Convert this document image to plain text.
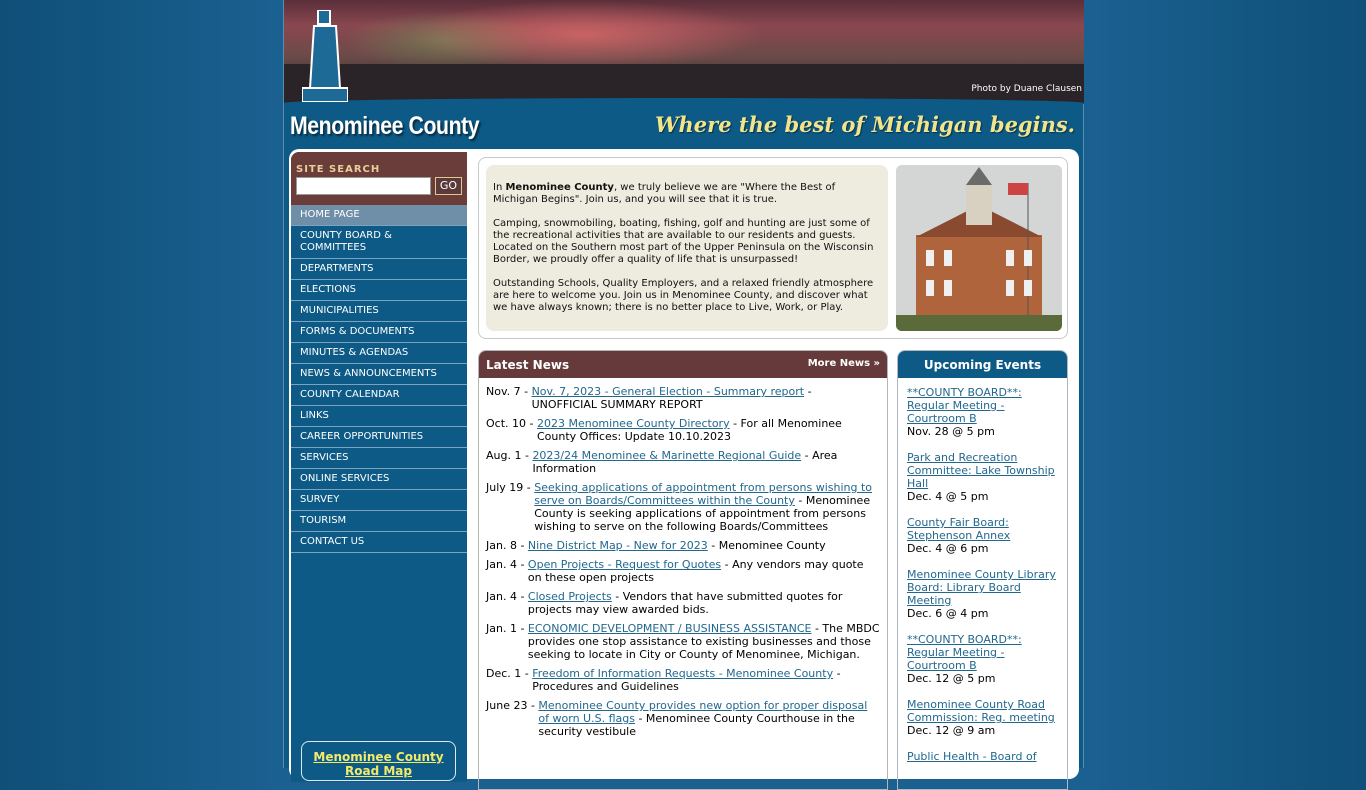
Photo by Duane Clausen
Menominee County	Where the best of Michigan begins.
SITE SEARCH
GO
HOME PAGE
COUNTY BOARD & COMMITTEES
DEPARTMENTS
ELECTIONS
MUNICIPALITIES
FORMS & DOCUMENTS
MINUTES & AGENDAS
NEWS & ANNOUNCEMENTS
COUNTY CALENDAR
LINKS
CAREER OPPORTUNITIES
SERVICES
ONLINE SERVICES
SURVEY
TOURISM
CONTACT US
Menominee County Road Map

In Menominee County, we truly believe we are "Where the Best of Michigan Begins". Join us, and you will see that it is true.

Camping, snowmobiling, boating, fishing, golf and hunting are just some of the recreational activities that are available to our residents and guests. Located on the Southern most part of the Upper Peninsula on the Wisconsin Border, we proudly offer a quality of life that is unsurpassed!

Outstanding Schools, Quality Employers, and a relaxed friendly atmosphere are here to welcome you. Join us in Menominee County, and discover what we have always known; there is no better place to Live, Work, or Play.

Latest News	More News »
Nov. 7 - Nov. 7, 2023 - General Election - Summary report - UNOFFICIAL SUMMARY REPORT
Oct. 10 - 2023 Menominee County Directory - For all Menominee County Offices: Update 10.10.2023
Aug. 1 - 2023/24 Menominee & Marinette Regional Guide - Area Information
July 19 - Seeking applications of appointment from persons wishing to serve on Boards/Committees within the County - Menominee County is seeking applications of appointment from persons wishing to serve on the following Boards/Committees
Jan. 8 - Nine District Map - New for 2023 - Menominee County
Jan. 4 - Open Projects - Request for Quotes - Any vendors may quote on these open projects
Jan. 4 - Closed Projects - Vendors that have submitted quotes for projects may view awarded bids.
Jan. 1 - ECONOMIC DEVELOPMENT / BUSINESS ASSISTANCE - The MBDC provides one stop assistance to existing businesses and those seeking to locate in City or County of Menominee, Michigan.
Dec. 1 - Freedom of Information Requests - Menominee County - Procedures and Guidelines
June 23 - Menominee County provides new option for proper disposal of worn U.S. flags - Menominee County Courthouse in the security vestibule
Upcoming Events
**COUNTY BOARD**: Regular Meeting - Courtroom B
Nov. 28 @ 5 pm
Park and Recreation Committee: Lake Township Hall
Dec. 4 @ 5 pm
County Fair Board: Stephenson Annex
Dec. 4 @ 6 pm
Menominee County Library Board: Library Board Meeting
Dec. 6 @ 4 pm
**COUNTY BOARD**: Regular Meeting - Courtroom B
Dec. 12 @ 5 pm
Menominee County Road Commission: Reg. meeting
Dec. 12 @ 9 am
Public Health - Board of
